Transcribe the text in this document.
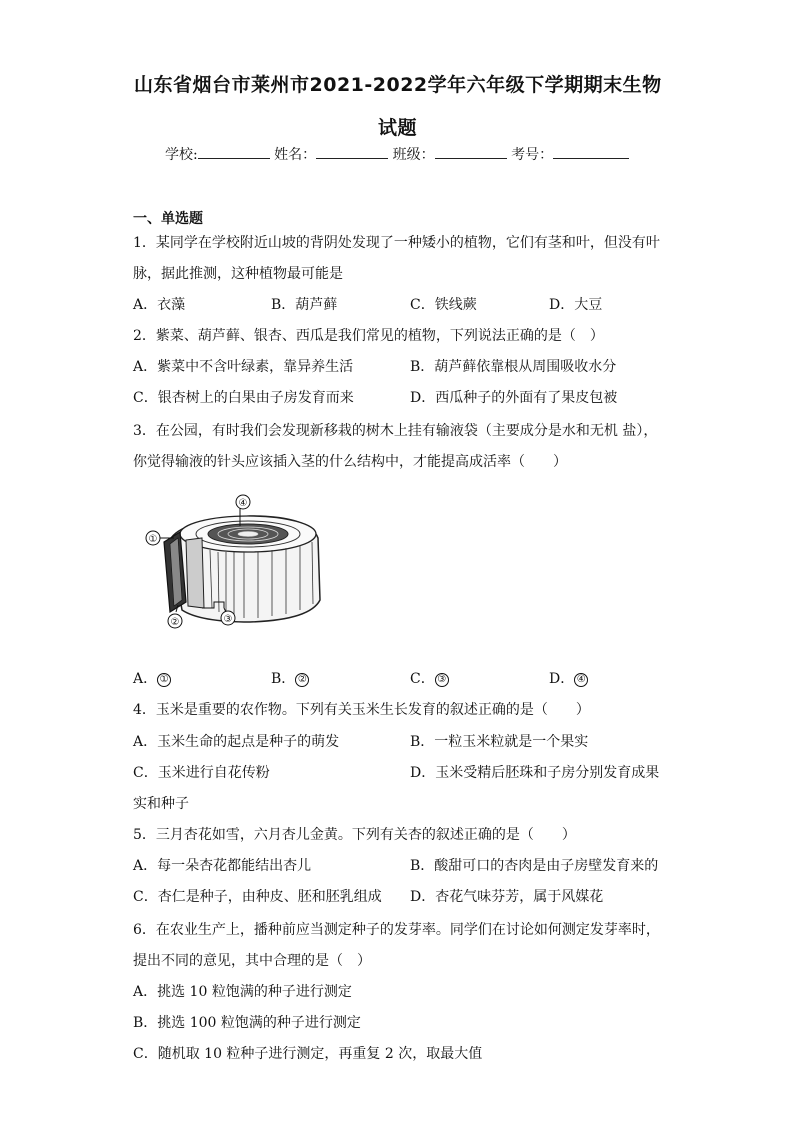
山东省烟台市莱州市2021-2022学年六年级下学期期末生物
试题
学校:	姓名：	班级：	考号：
一、单选题
1．某同学在学校附近山坡的背阴处发现了一种矮小的植物，它们有茎和叶，但没有叶
脉，据此推测，这种植物最可能是
A．衣藻	B．葫芦藓	C．铁线蕨	D．大豆
2．紫菜、葫芦藓、银杏、西瓜是我们常见的植物，下列说法正确的是（　）
A．紫菜中不含叶绿素，靠异养生活	B．葫芦藓依靠根从周围吸收水分
C．银杏树上的白果由子房发育而来	D．西瓜种子的外面有了果皮包被
3．在公园，有时我们会发现新移栽的树木上挂有输液袋（主要成分是水和无机 盐），
你觉得输液的针头应该插入茎的什么结构中，才能提高成活率（　　）
①
④
②	③
A． ①	B． ②	C． ③	D． ④
4．玉米是重要的农作物。下列有关玉米生长发育的叙述正确的是（　　）
A．玉米生命的起点是种子的萌发	B．一粒玉米粒就是一个果实
C．玉米进行自花传粉	D．玉米受精后胚珠和子房分别发育成果
实和种子
5．三月杏花如雪，六月杏儿金黄。下列有关杏的叙述正确的是（　　）
A．每一朵杏花都能结出杏儿	B．酸甜可口的杏肉是由子房壁发育来的
C．杏仁是种子，由种皮、胚和胚乳组成 D．杏花气味芬芳，属于风媒花
6．在农业生产上，播种前应当测定种子的发芽率。同学们在讨论如何测定发芽率时，
提出不同的意见，其中合理的是（　）
A．挑选 10 粒饱满的种子进行测定
B．挑选 100 粒饱满的种子进行测定
C．随机取 10 粒种子进行测定，再重复 2 次，取最大值
